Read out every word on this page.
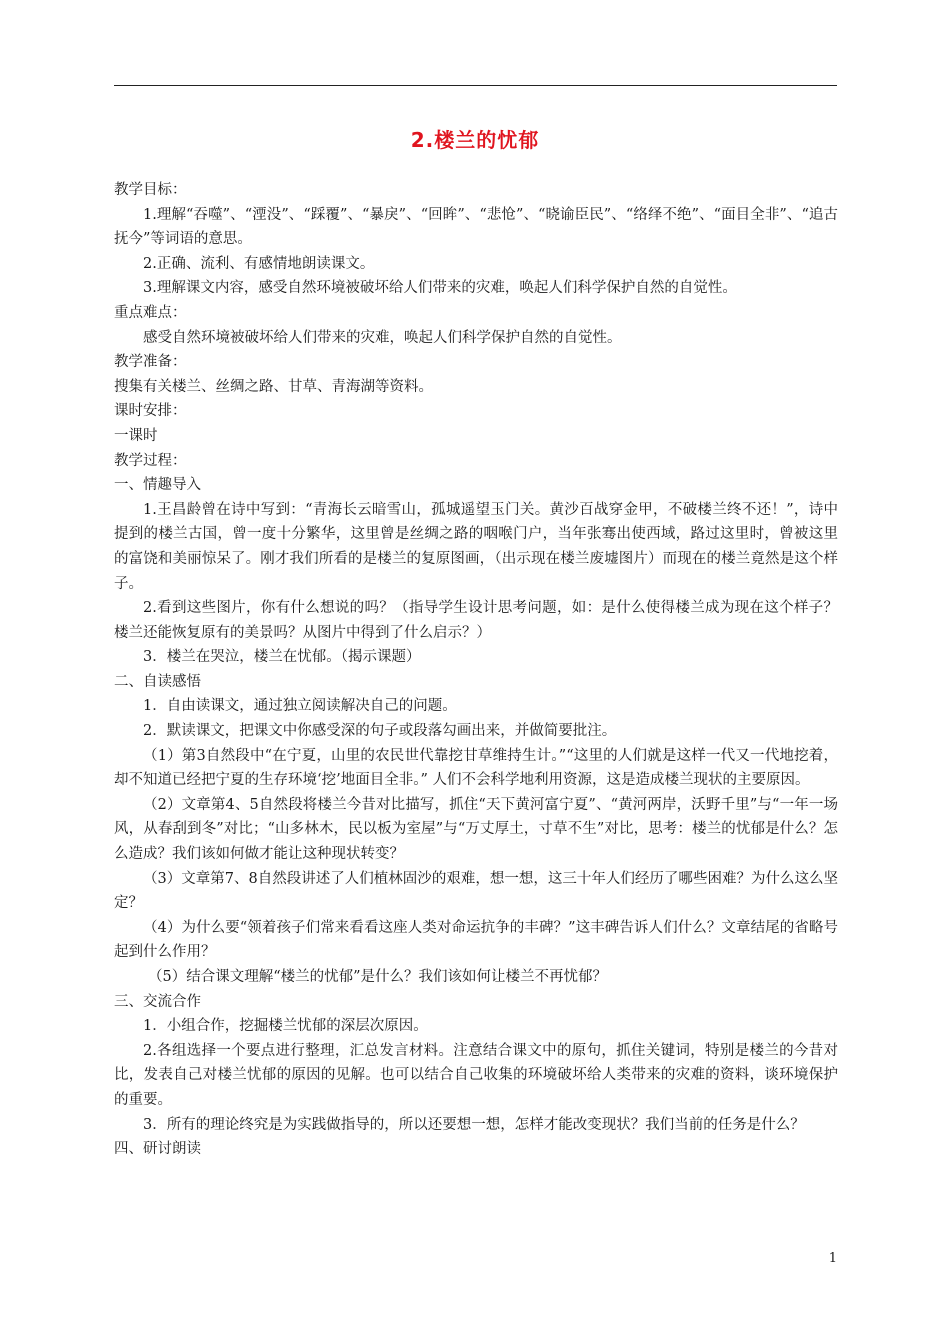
2.楼兰的忧郁

教学目标：

1.理解“吞噬”、“湮没”、“踩覆”、“暴戾”、“回眸”、“悲怆”、“晓谕臣民”、“络绎不绝”、“面目全非”、“追古抚今”等词语的意思。

2.正确、流利、有感情地朗读课文。

3.理解课文内容，感受自然环境被破坏给人们带来的灾难，唤起人们科学保护自然的自觉性。

重点难点：

感受自然环境被破坏给人们带来的灾难，唤起人们科学保护自然的自觉性。

教学准备：

搜集有关楼兰、丝绸之路、甘草、青海湖等资料。

课时安排：

一课时

教学过程：

一、情趣导入

1.王昌龄曾在诗中写到：“青海长云暗雪山，孤城遥望玉门关。黄沙百战穿金甲，不破楼兰终不还！”，诗中提到的楼兰古国，曾一度十分繁华，这里曾是丝绸之路的咽喉门户，当年张骞出使西域，路过这里时，曾被这里的富饶和美丽惊呆了。刚才我们所看的是楼兰的复原图画，（出示现在楼兰废墟图片）而现在的楼兰竟然是这个样子。

2.看到这些图片，你有什么想说的吗？（指导学生设计思考问题，如：是什么使得楼兰成为现在这个样子？楼兰还能恢复原有的美景吗？从图片中得到了什么启示？）

3．楼兰在哭泣，楼兰在忧郁。（揭示课题）

二、自读感悟

1．自由读课文，通过独立阅读解决自己的问题。

2．默读课文，把课文中你感受深的句子或段落勾画出来，并做简要批注。

（1）第3自然段中“在宁夏，山里的农民世代靠挖甘草维持生计。”“这里的人们就是这样一代又一代地挖着，却不知道已经把宁夏的生存环境‘挖’地面目全非。” 人们不会科学地利用资源，这是造成楼兰现状的主要原因。

（2）文章第4、5自然段将楼兰今昔对比描写，抓住“天下黄河富宁夏”、“黄河两岸，沃野千里”与“一年一场风，从春刮到冬”对比；“山多林木，民以板为室屋”与“万丈厚土，寸草不生”对比，思考：楼兰的忧郁是什么？怎么造成？我们该如何做才能让这种现状转变？

（3）文章第7、8自然段讲述了人们植林固沙的艰难，想一想，这三十年人们经历了哪些困难？为什么这么坚定？

（4）为什么要“领着孩子们常来看看这座人类对命运抗争的丰碑？”这丰碑告诉人们什么？文章结尾的省略号起到什么作用？

（5）结合课文理解“楼兰的忧郁”是什么？我们该如何让楼兰不再忧郁？

三、交流合作

1．小组合作，挖掘楼兰忧郁的深层次原因。

2.各组选择一个要点进行整理，汇总发言材料。注意结合课文中的原句，抓住关键词，特别是楼兰的今昔对比，发表自己对楼兰忧郁的原因的见解。也可以结合自己收集的环境破坏给人类带来的灾难的资料，谈环境保护的重要。

3．所有的理论终究是为实践做指导的，所以还要想一想，怎样才能改变现状？我们当前的任务是什么？

四、研讨朗读

1
